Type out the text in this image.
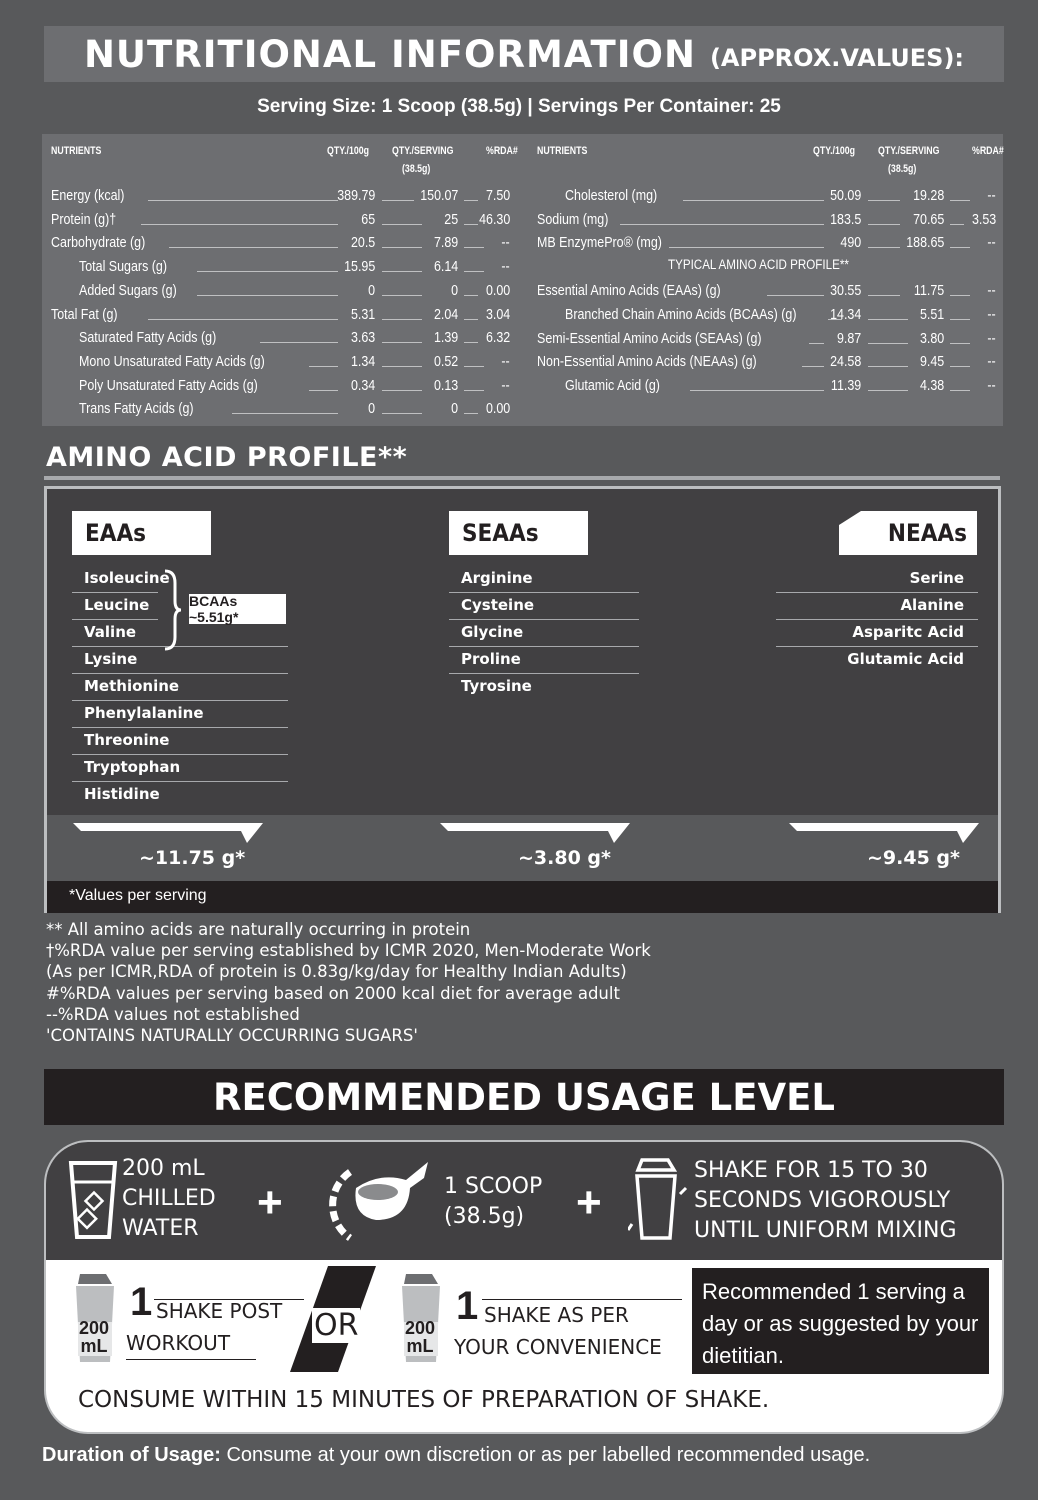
NUTRITIONAL INFORMATION (APPROX.VALUES):
Serving Size: 1 Scoop (38.5g) | Servings Per Container: 25
NUTRIENTS	QTY./100g QTY./SERVING	%RDA#
(38.5g)
Energy (kcal)	389.79	150.07 7.50
Protein (g)†	65	25 46.30
Carbohydrate (g)	20.5	7.89	--
Total Sugars (g)	15.95	6.14	--
Added Sugars (g)	0	0 0.00
Total Fat (g)	5.31	2.04 3.04
Saturated Fatty Acids (g)	3.63	1.39 6.32
Mono Unsaturated Fatty Acids (g)	1.34	0.52	--
Poly Unsaturated Fatty Acids (g)	0.34	0.13	--
Trans Fatty Acids (g)	0	0 0.00
NUTRIENTS	QTY./100g QTY./SERVING	%RDA#
(38.5g)
Cholesterol (mg)	50.09	19.28	--
Sodium (mg)	183.5	70.65 3.53
MB EnzymePro® (mg)	490	188.65	--
TYPICAL AMINO ACID PROFILE**
Essential Amino Acids (EAAs) (g)	30.55	11.75	--
Branched Chain Amino Acids (BCAAs) (g) 14.34	5.51	--
Semi-Essential Amino Acids (SEAAs) (g)	9.87	3.80	--
Non-Essential Amino Acids (NEAAs) (g)	24.58	9.45	--
Glutamic Acid (g)	11.39	4.38	--
AMINO ACID PROFILE**
EAAs	SEAAs	NEAAs
Isoleucine
Leucine
Valine
Lysine
Methionine
Phenylalanine
Threonine
Tryptophan
Histidine
Arginine
Cysteine
Glycine
Proline
Tyrosine
Serine
Alanine
Asparitc Acid
Glutamic Acid
BCAAs ~5.51g*
~11.75 g*	~3.80 g*	~9.45 g*
*Values per serving
** All amino acids are naturally occurring in protein
†%RDA value per serving established by ICMR 2020, Men-Moderate Work
(As per ICMR,RDA of protein is 0.83g/kg/day for Healthy Indian Adults)
#%RDA values per serving based on 2000 kcal diet for average adult
--%RDA values not established
'CONTAINS NATURALLY OCCURRING SUGARS'
RECOMMENDED USAGE LEVEL
200 mL
CHILLED
WATER
+	1 SCOOP
(38.5g)	+
SHAKE FOR 15 TO 30
SECONDS VIGOROUSLY
UNTIL UNIFORM MIXING
200
mL
1 SHAKE POST
WORKOUT	OR	200
mL
1 SHAKE AS PER
YOUR CONVENIENCE
Recommended 1 serving a day or as suggested by your dietitian.
CONSUME WITHIN 15 MINUTES OF PREPARATION OF SHAKE.
Duration of Usage: Consume at your own discretion or as per labelled recommended usage.
